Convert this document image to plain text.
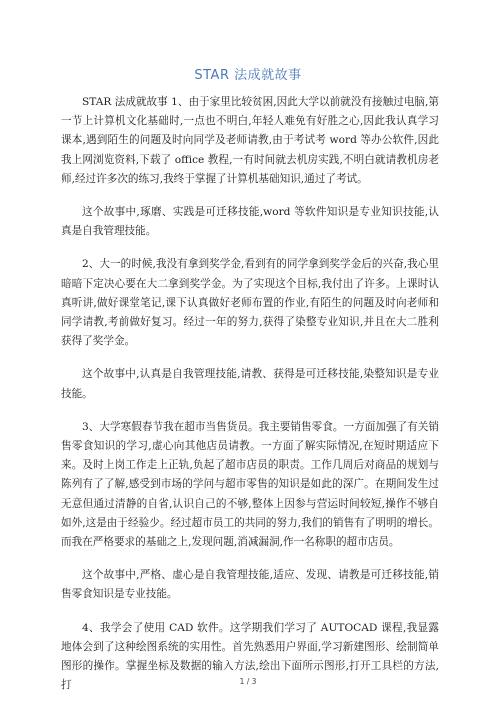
STAR 法成就故事

STAR 法成就故事 1、由于家里比较贫困,因此大学以前就没有接触过电脑,第一节上计算机文化基础时,一点也不明白,年轻人难免有好胜之心,因此我认真学习课本,遇到陌生的问题及时向同学及老师请教,由于考试考 word 等办公软件,因此我上网浏览资料,下载了 office 教程,一有时间就去机房实践,不明白就请教机房老师,经过许多次的练习,我终于掌握了计算机基础知识,通过了考试。

这个故事中,琢磨、实践是可迁移技能,word 等软件知识是专业知识技能,认真是自我管理技能。

2、大一的时候,我没有拿到奖学金,看到有的同学拿到奖学金后的兴奋,我心里暗暗下定决心要在大二拿到奖学金。为了实现这个目标,我付出了许多。上课时认真听讲,做好课堂笔记,课下认真做好老师布置的作业,有陌生的问题及时向老师和同学请教,考前做好复习。经过一年的努力,获得了染整专业知识,并且在大二胜利获得了奖学金。

这个故事中,认真是自我管理技能,请教、获得是可迁移技能,染整知识是专业技能。

3、大学寒假春节我在超市当售货员。我主要销售零食。一方面加强了有关销售零食知识的学习,虚心向其他店员请教。一方面了解实际情况,在短时期适应下来。及时上岗工作走上正轨,负起了超市店员的职责。工作几周后对商品的规划与陈列有了了解,感受到市场的学问与超市零售的知识是如此的深广。在期间发生过无意但通过清静的自省,认识自己的不够,整体上因参与营运时间较短,操作不够自如外,这是由于经验少。经过超市员工的共同的努力,我们的销售有了明明的增长。而我在严格要求的基础之上,发现问题,消减漏洞,作一名称职的超市店员。

这个故事中,严格、虚心是自我管理技能,适应、发现、请教是可迁移技能,销售零食知识是专业技能。

4、我学会了使用 CAD 软件。这学期我们学习了 AUTOCAD 课程,我显露地体会到了这种绘图系统的实用性。首先熟悉用户界面,学习新建图形、绘制简单图形的操作。掌握坐标及数据的输入方法,绘出下面所示图形,打开工具栏的方法,打	1 / 3
